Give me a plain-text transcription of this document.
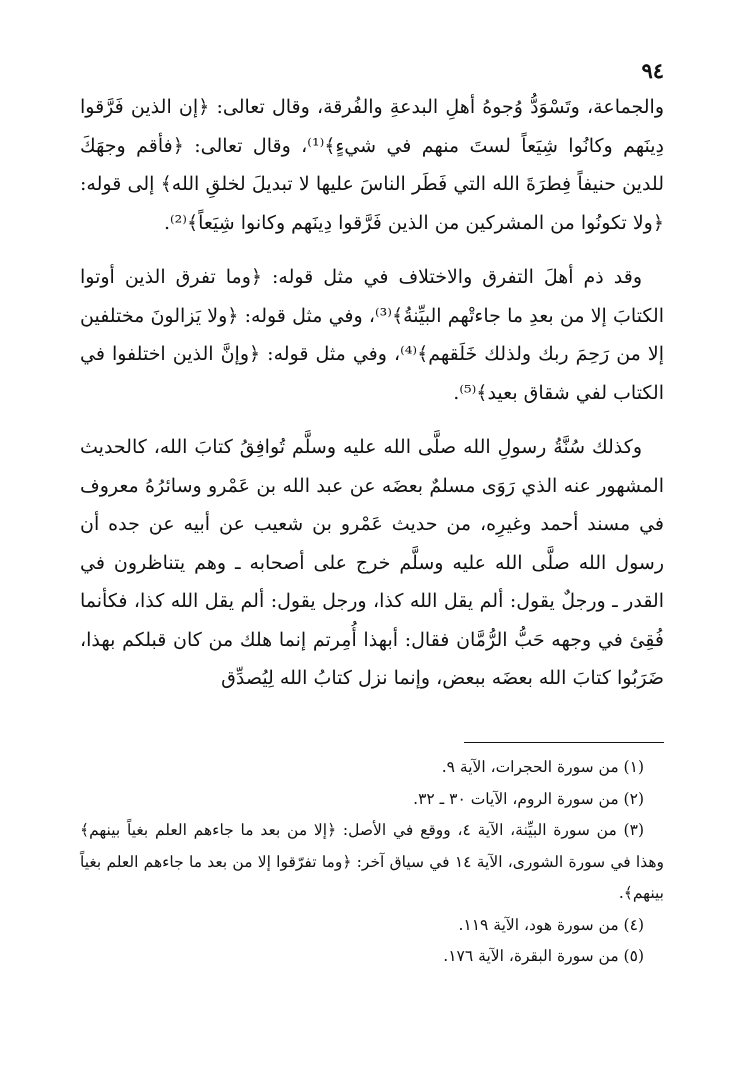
٩٤

والجماعة، وتَسْوَدُّ وُجوهُ أهلِ البدعةِ والفُرقة، وقال تعالى: ﴿إن الذين فَرَّقوا دِينَهم وكانُوا شِيَعاً لستَ منهم في شيءٍ﴾⁽¹⁾، وقال تعالى: ﴿فأقم وجهَكَ للدين حنيفاً فِطرَةَ الله التي فَطَر الناسَ عليها لا تبديلَ لخلقِ الله﴾ إلى قوله: ﴿ولا تكونُوا من المشركين من الذين فَرَّقوا دِينَهم وكانوا شِيَعاً﴾⁽²⁾.

وقد ذم أهلَ التفرق والاختلاف في مثل قوله: ﴿وما تفرق الذين أوتوا الكتابَ إلا من بعدِ ما جاءتْهم البيِّنةُ﴾⁽³⁾، وفي مثل قوله: ﴿ولا يَزالونَ مختلفين إلا من رَحِمَ ربك ولذلك خَلَقهم﴾⁽⁴⁾، وفي مثل قوله: ﴿وإنَّ الذين اختلفوا في الكتاب لفي شقاق بعيد﴾⁽⁵⁾.

وكذلك سُنَّةُ رسولِ الله صلَّى الله عليه وسلَّم تُوافِقُ كتابَ الله، كالحديث المشهور عنه الذي رَوَى مسلمٌ بعضَه عن عبد الله بن عَمْرو وسائرُهُ معروف في مسند أحمد وغيرِه، من حديث عَمْرو بن شعيب عن أبيه عن جده أن رسول الله صلَّى الله عليه وسلَّم خرج على أصحابه ـ وهم يتناظرون في القدر ـ ورجلٌ يقول: ألم يقل الله كذا، ورجل يقول: ألم يقل الله كذا، فكأنما فُقِئ في وجهه حَبُّ الرُّمَّان فقال: أبهذا أُمِرتم إنما هلك من كان قبلكم بهذا، ضَرَبُوا كتابَ الله بعضَه ببعض، وإنما نزل كتابُ الله لِيُصدِّق

(١) من سورة الحجرات، الآية ٩.

(٢) من سورة الروم، الآيات ٣٠ ـ ٣٢.

(٣) من سورة البيِّنة، الآية ٤، ووقع في الأصل: ﴿إلا من بعد ما جاءهم العلم بغياً بينهم﴾ وهذا في سورة الشورى، الآية ١٤ في سياق آخر: ﴿وما تفرّقوا إلا من بعد ما جاءهم العلم بغياً بينهم﴾.

(٤) من سورة هود، الآية ١١٩.

(٥) من سورة البقرة، الآية ١٧٦.
